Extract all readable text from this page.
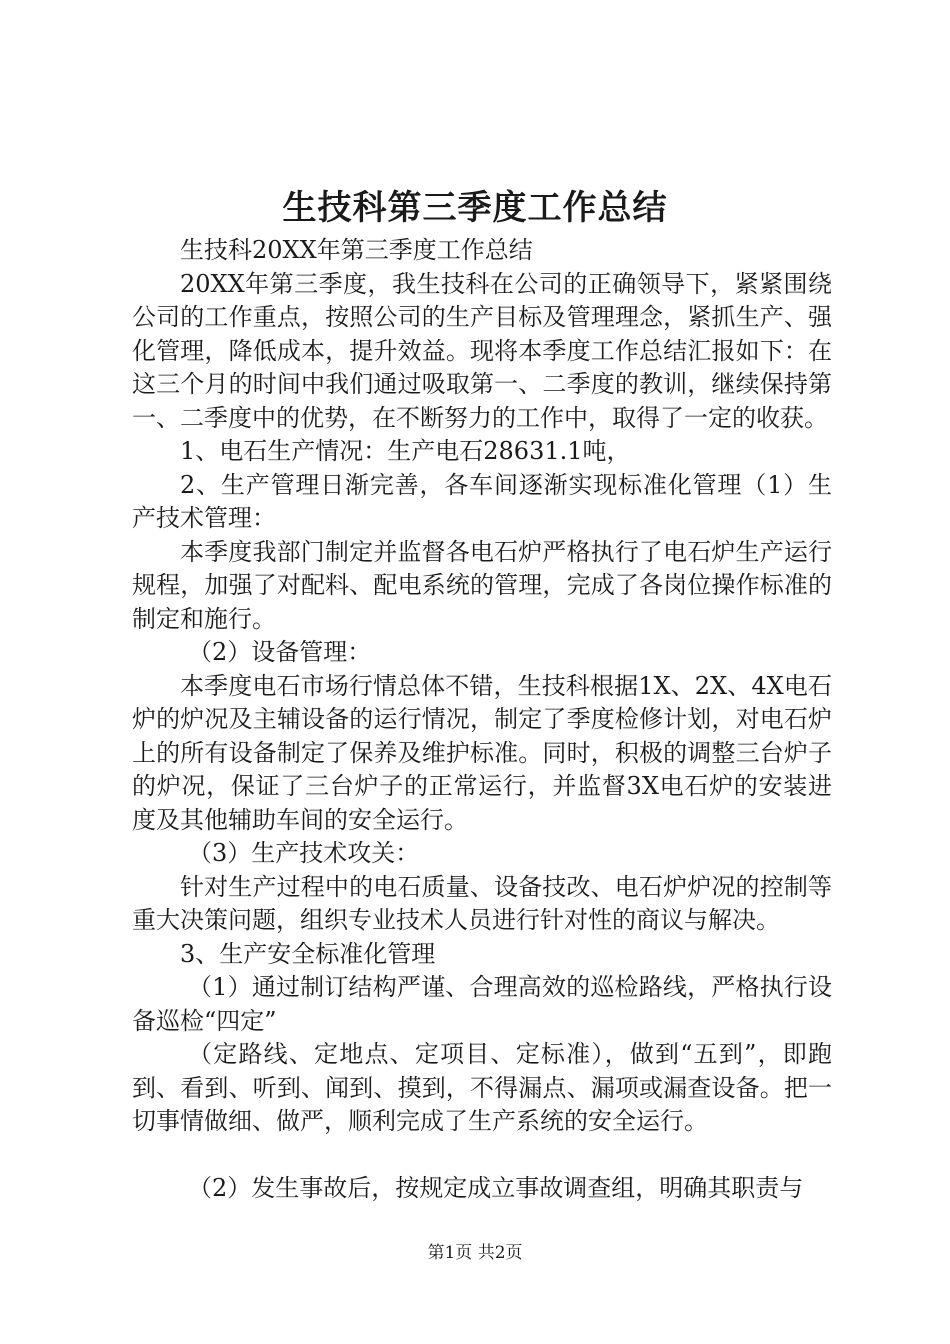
生技科第三季度工作总结

生技科20XX年第三季度工作总结

20XX年第三季度，我生技科在公司的正确领导下，紧紧围绕公司的工作重点，按照公司的生产目标及管理理念，紧抓生产、强化管理，降低成本，提升效益。现将本季度工作总结汇报如下：在这三个月的时间中我们通过吸取第一、二季度的教训，继续保持第一、二季度中的优势，在不断努力的工作中，取得了一定的收获。

1、电石生产情况：生产电石28631.1吨，

2、生产管理日渐完善，各车间逐渐实现标准化管理（1）生产技术管理：

本季度我部门制定并监督各电石炉严格执行了电石炉生产运行规程，加强了对配料、配电系统的管理，完成了各岗位操作标准的制定和施行。

（2）设备管理：

本季度电石市场行情总体不错，生技科根据1X、2X、4X电石炉的炉况及主辅设备的运行情况，制定了季度检修计划，对电石炉上的所有设备制定了保养及维护标准。同时，积极的调整三台炉子的炉况，保证了三台炉子的正常运行，并监督3X电石炉的安装进度及其他辅助车间的安全运行。

（3）生产技术攻关：

针对生产过程中的电石质量、设备技改、电石炉炉况的控制等重大决策问题，组织专业技术人员进行针对性的商议与解决。

3、生产安全标准化管理

（1）通过制订结构严谨、合理高效的巡检路线，严格执行设备巡检“四定”

（定路线、定地点、定项目、定标准），做到“五到”，即跑到、看到、听到、闻到、摸到，不得漏点、漏项或漏查设备。把一切事情做细、做严，顺利完成了生产系统的安全运行。

（2）发生事故后，按规定成立事故调查组，明确其职责与

第1页 共2页
